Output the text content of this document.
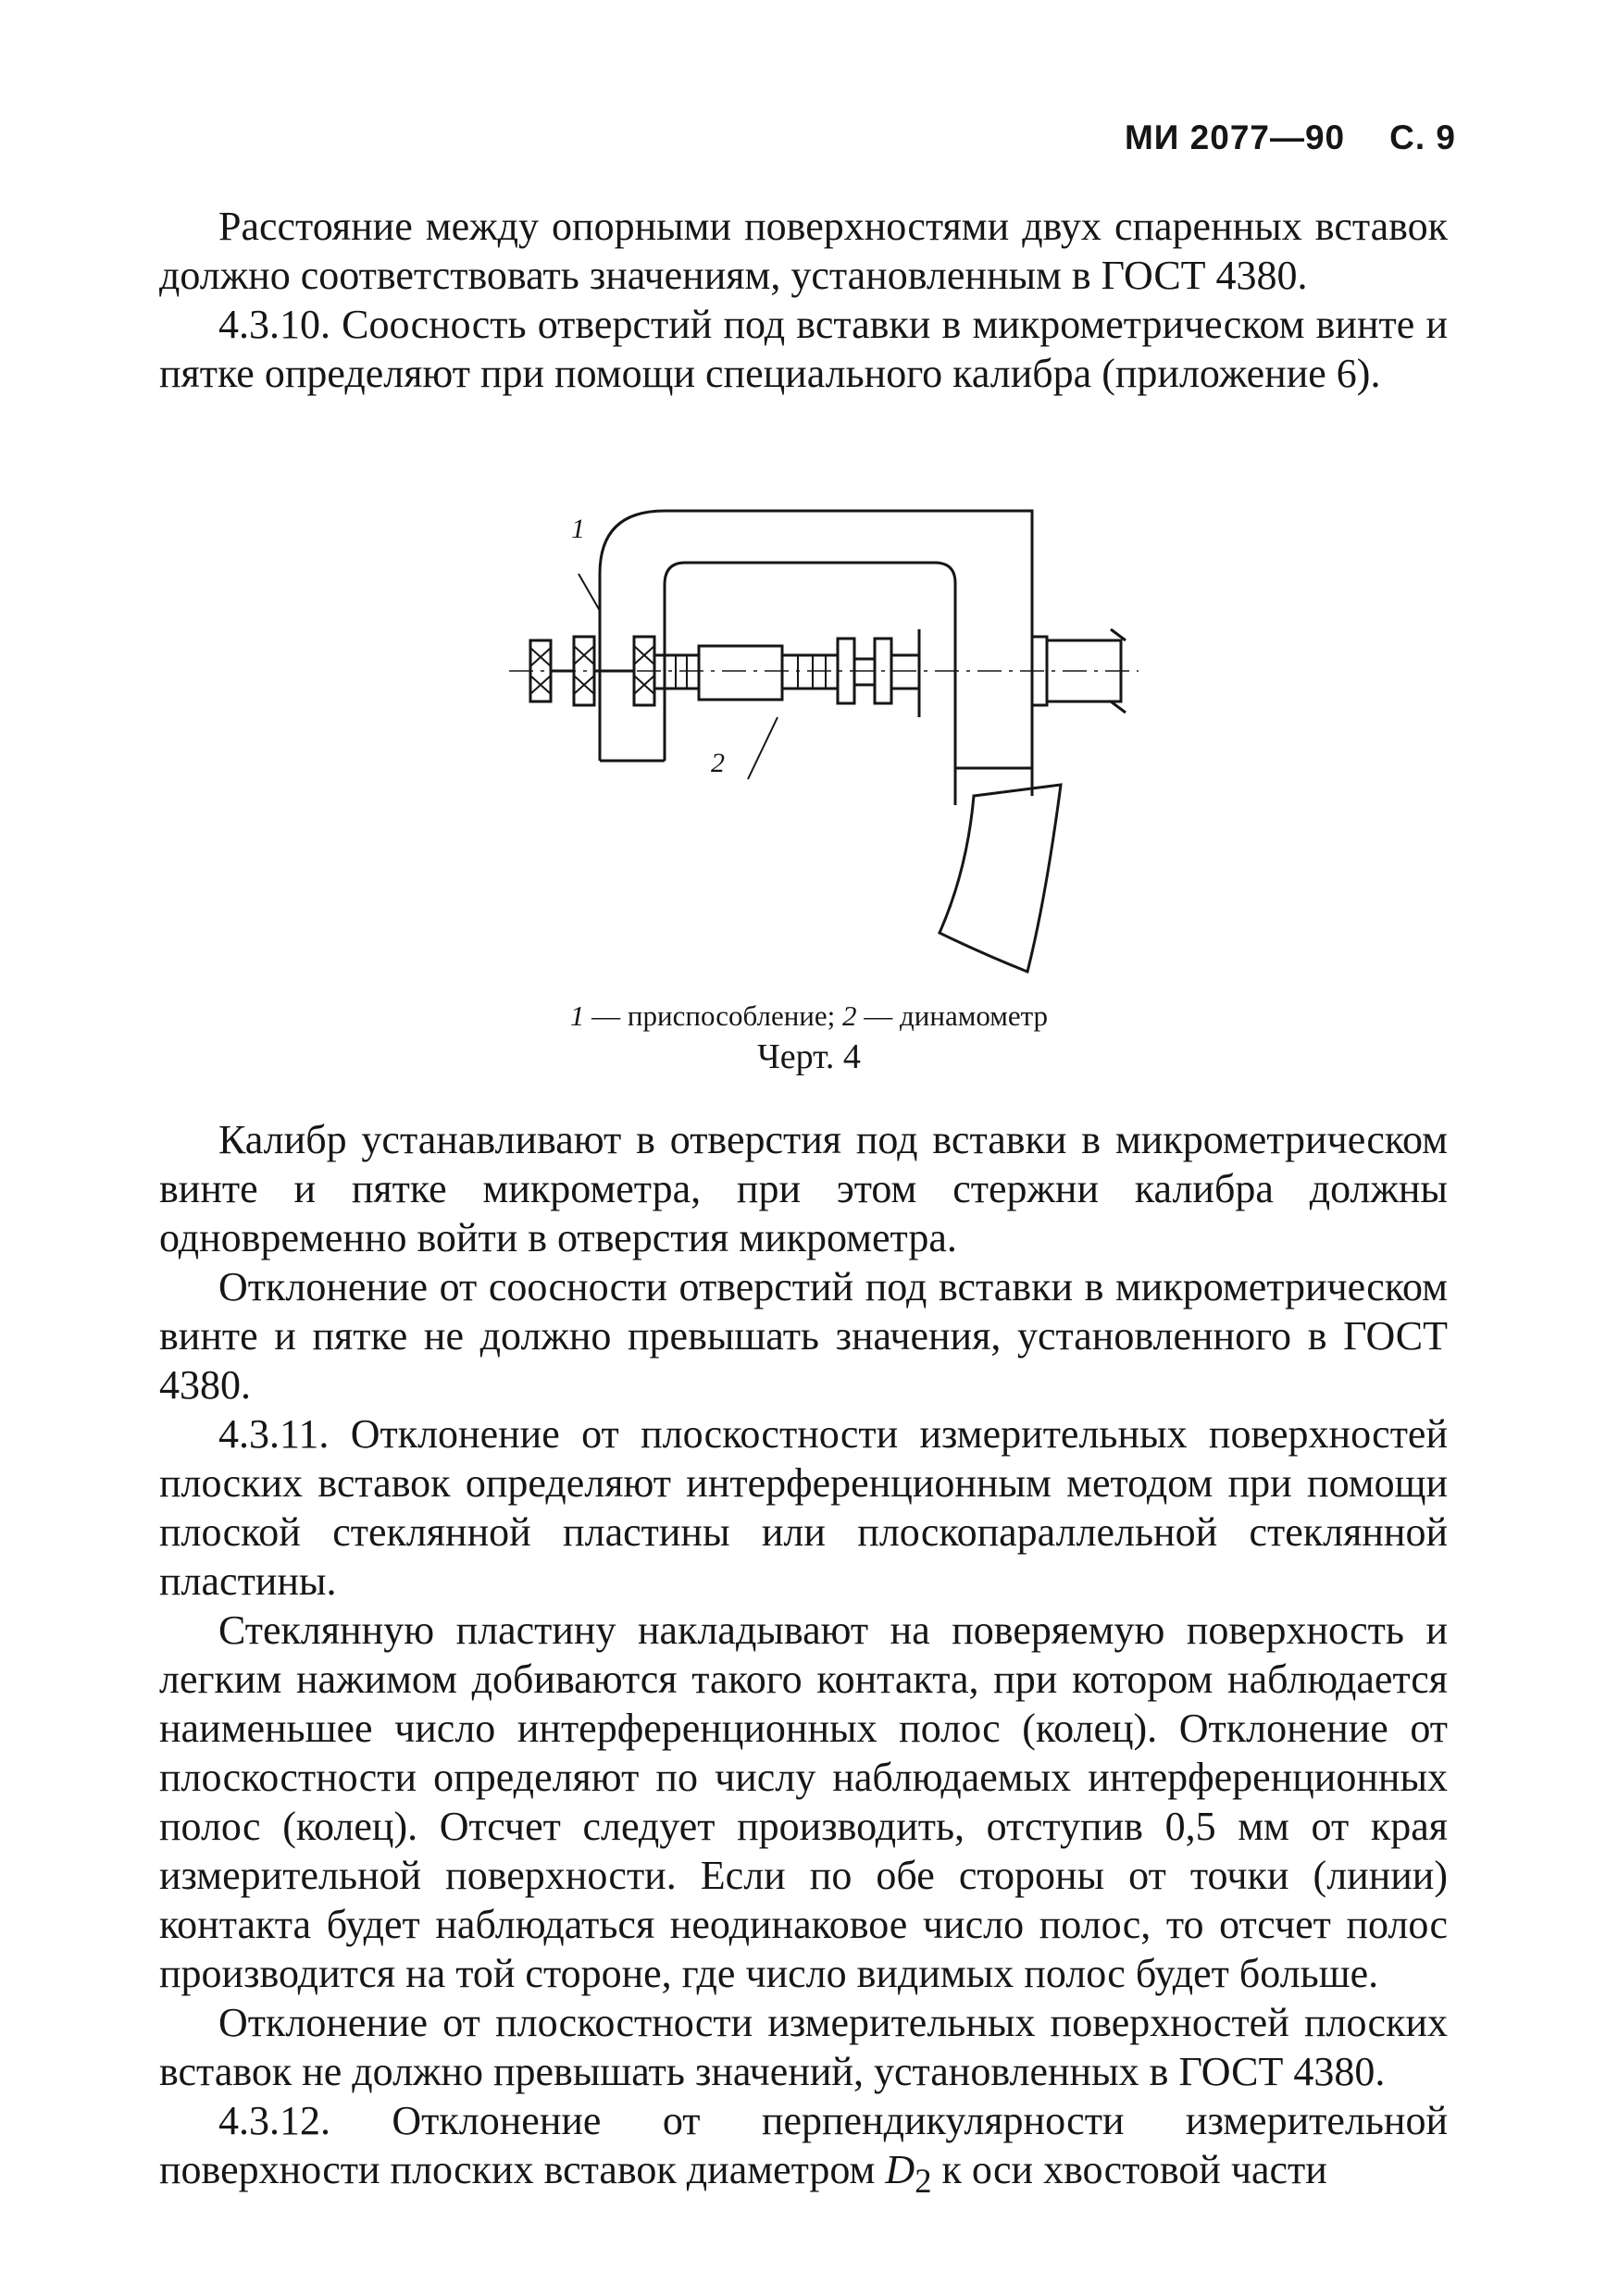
МИ 2077—90 С. 9

Расстояние между опорными поверхностями двух спаренных вставок должно соответствовать значениям, установленным в ГОСТ 4380.

4.3.10. Соосность отверстий под вставки в микрометрическом винте и пятке определяют при помощи специального калибра (приложение 6).

1
2
1 — приспособление; 2 — динамометр
Черт. 4

Калибр устанавливают в отверстия под вставки в микрометрическом винте и пятке микрометра, при этом стержни калибра должны одновременно войти в отверстия микрометра.

Отклонение от соосности отверстий под вставки в микрометрическом винте и пятке не должно превышать значения, установленного в ГОСТ 4380.

4.3.11. Отклонение от плоскостности измерительных поверхностей плоских вставок определяют интерференционным методом при помощи плоской стеклянной пластины или плоскопараллельной стеклянной пластины.

Стеклянную пластину накладывают на поверяемую поверхность и легким нажимом добиваются такого контакта, при котором наблюдается наименьшее число интерференционных полос (колец). Отклонение от плоскостности определяют по числу наблюдаемых интерференционных полос (колец). Отсчет следует производить, отступив 0,5 мм от края измерительной поверхности. Если по обе стороны от точки (линии) контакта будет наблюдаться неодинаковое число полос, то отсчет полос производится на той стороне, где число видимых полос будет больше.

Отклонение от плоскостности измерительных поверхностей плоских вставок не должно превышать значений, установленных в ГОСТ 4380.

4.3.12. Отклонение от перпендикулярности измерительной поверхности плоских вставок диаметром $D_2$ к оси хвостовой части
